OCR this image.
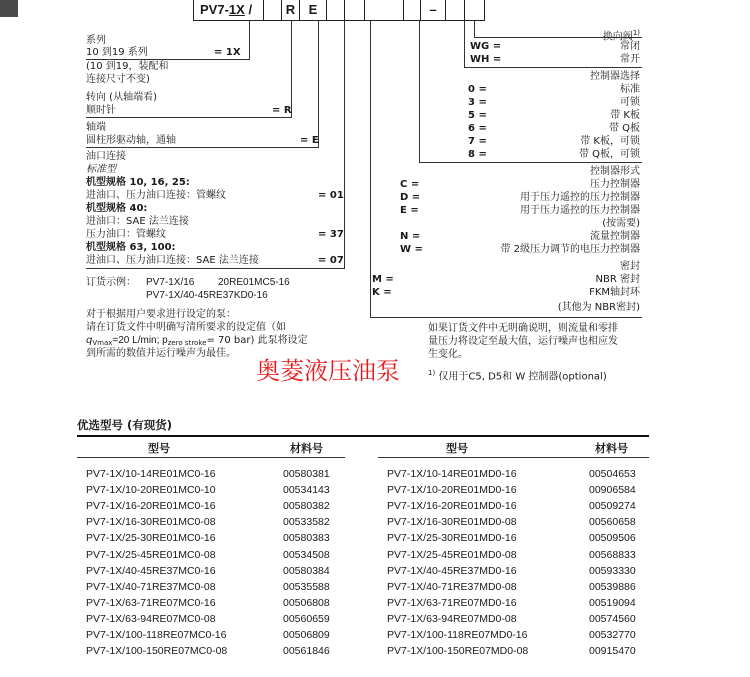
PV7-1X /	R	E	–
系列
10 到19 系列	= 1X
(10 到19，装配和
连接尺寸不变)
转向 (从轴端看)
顺时针	= R
轴端
圆柱形驱动轴，通轴	= E
油口连接
标准型
机型规格 10, 16, 25:
进油口、压力油口连接：管螺纹	= 01
机型规格 40:
进油口：SAE 法兰连接
压力油口：管螺纹	= 37
机型规格 63, 100:
进油口、压力油口连接：SAE 法兰连接	= 07
订货示例： PV7-1X/16 20RE01MC5-16
PV7-1X/40-45RE37KD0-16
对于根据用户要求进行设定的泵：
请在订货文件中明确写清所要求的设定值（如
$q_{Vmax}=20$ L/min; $p_{zero stroke}= 70$ bar) 此泵将设定
到所需的数值并运行噪声为最佳。
奥菱液压油泵
换向阀$^{1)}$
WG =	常闭
WH =	常开
控制器选择
0 =	标准
3 =	可锁
5 =	带 K板
6 =	带 Q板
7 =	带 K板，可锁
8 =	带 Q板，可锁
控制器形式
C =	压力控制器
D =	用于压力遥控的压力控制器
E =	用于压力遥控的压力控制器
(按需要)
N =	流量控制器
W =	带 2级压力调节的电压力控制器
密封
M =	NBR 密封
K =	FKM轴封环
(其他为 NBR密封)
如果订货文件中无明确说明，则流量和零排
量压力将设定至最大值，运行噪声也相应发
生变化。
$^{1)}$ 仅用于C5, D5和 W 控制器(optional)
优选型号 (有现货)
型号	材料号	型号	材料号
PV7-1X/10-14RE01MC0-16	00580381
PV7-1X/10-20RE01MC0-10	00534143
PV7-1X/16-20RE01MC0-16	00580382
PV7-1X/16-30RE01MC0-08	00533582
PV7-1X/25-30RE01MC0-16	00580383
PV7-1X/25-45RE01MC0-08	00534508
PV7-1X/40-45RE37MC0-16	00580384
PV7-1X/40-71RE37MC0-08	00535588
PV7-1X/63-71RE07MC0-16	00506808
PV7-1X/63-94RE07MC0-08	00560659
PV7-1X/100-118RE07MC0-16	00506809
PV7-1X/100-150RE07MC0-08	00561846
PV7-1X/10-14RE01MD0-16	00504653
PV7-1X/10-20RE01MD0-16	00906584
PV7-1X/16-20RE01MD0-16	00509274
PV7-1X/16-30RE01MD0-08	00560658
PV7-1X/25-30RE01MD0-16	00509506
PV7-1X/25-45RE01MD0-08	00568833
PV7-1X/40-45RE37MD0-16	00593330
PV7-1X/40-71RE37MD0-08	00539886
PV7-1X/63-71RE07MD0-16	00519094
PV7-1X/63-94RE07MD0-08	00574560
PV7-1X/100-118RE07MD0-16	00532770
PV7-1X/100-150RE07MD0-08	00915470
